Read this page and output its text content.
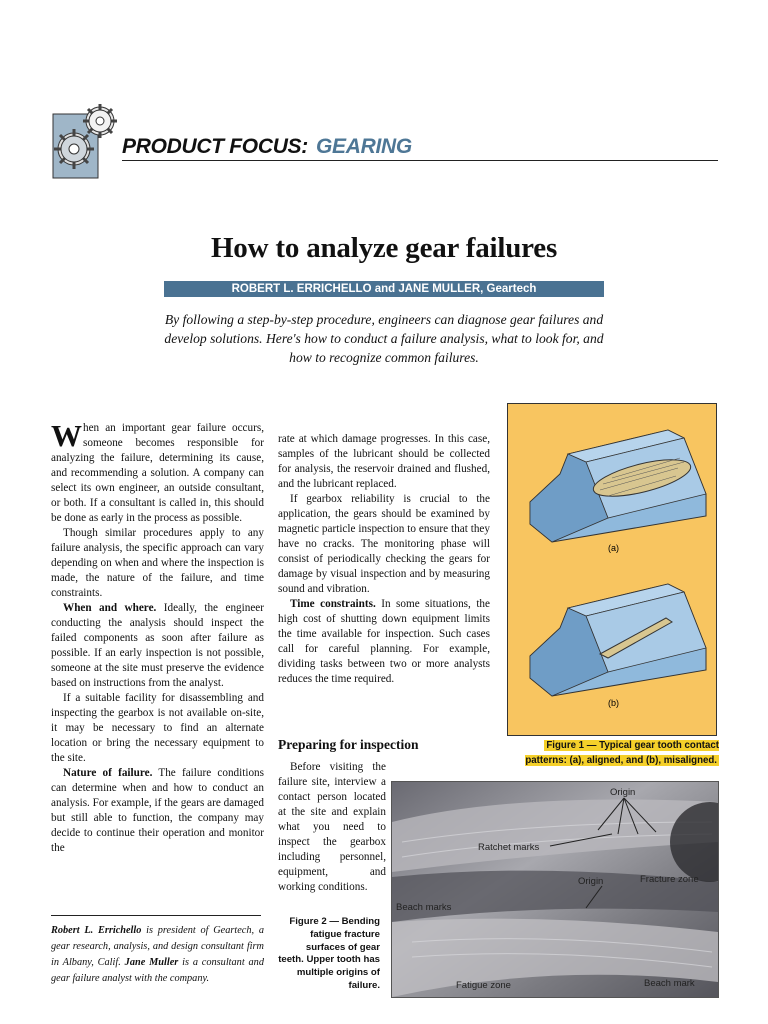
PRODUCT FOCUS: GEARING
How to analyze gear failures
ROBERT L. ERRICHELLO and JANE MULLER, Geartech
By following a step-by-step procedure, engineers can diagnose gear failures and develop solutions. Here's how to conduct a failure analysis, what to look for, and how to recognize common failures.

When an important gear failure occurs, someone becomes responsible for analyzing the failure, determining its cause, and recommending a solution. A company can select its own engineer, an outside consultant, or both. If a consultant is called in, this should be done as early in the process as possible.

Though similar procedures apply to any failure analysis, the specific approach can vary depending on when and where the inspection is made, the nature of the failure, and time constraints.

When and where. Ideally, the engineer conducting the analysis should inspect the failed components as soon after failure as possible. If an early inspection is not possible, someone at the site must preserve the evidence based on instructions from the analyst.

If a suitable facility for disassembling and inspecting the gearbox is not available on-site, it may be necessary to find an alternate location or bring the necessary equipment to the site.

Nature of failure. The failure conditions can determine when and how to conduct an analysis. For example, if the gears are damaged but still able to function, the company may decide to continue their operation and monitor the

rate at which damage progresses. In this case, samples of the lubricant should be collected for analysis, the reservoir drained and flushed, and the lubricant replaced.

If gearbox reliability is crucial to the application, the gears should be examined by magnetic particle inspection to ensure that they have no cracks. The monitoring phase will consist of periodically checking the gears for damage by visual inspection and by measuring sound and vibration.

Time constraints. In some situations, the high cost of shutting down equipment limits the time available for inspection. Such cases call for careful planning. For example, dividing tasks between two or more analysts reduces the time required.

Preparing for inspection

Before visiting the failure site, interview a contact person located at the site and explain what you need to inspect the gearbox including personnel, equipment, and working conditions.

Robert L. Errichello is president of Geartech, a gear research, analysis, and design consultant firm in Albany, Calif. Jane Muller is a consultant and gear failure analyst with the company.
(a)
(b)
Figure 1 — Typical gear tooth contact patterns: (a), aligned, and (b), misaligned.
Origin
Ratchet marks
Origin	Fracture zone
Beach marks
Fatigue zone	Beach mark
Figure 2 — Bending fatigue fracture surfaces of gear teeth. Upper tooth has multiple origins of failure.
